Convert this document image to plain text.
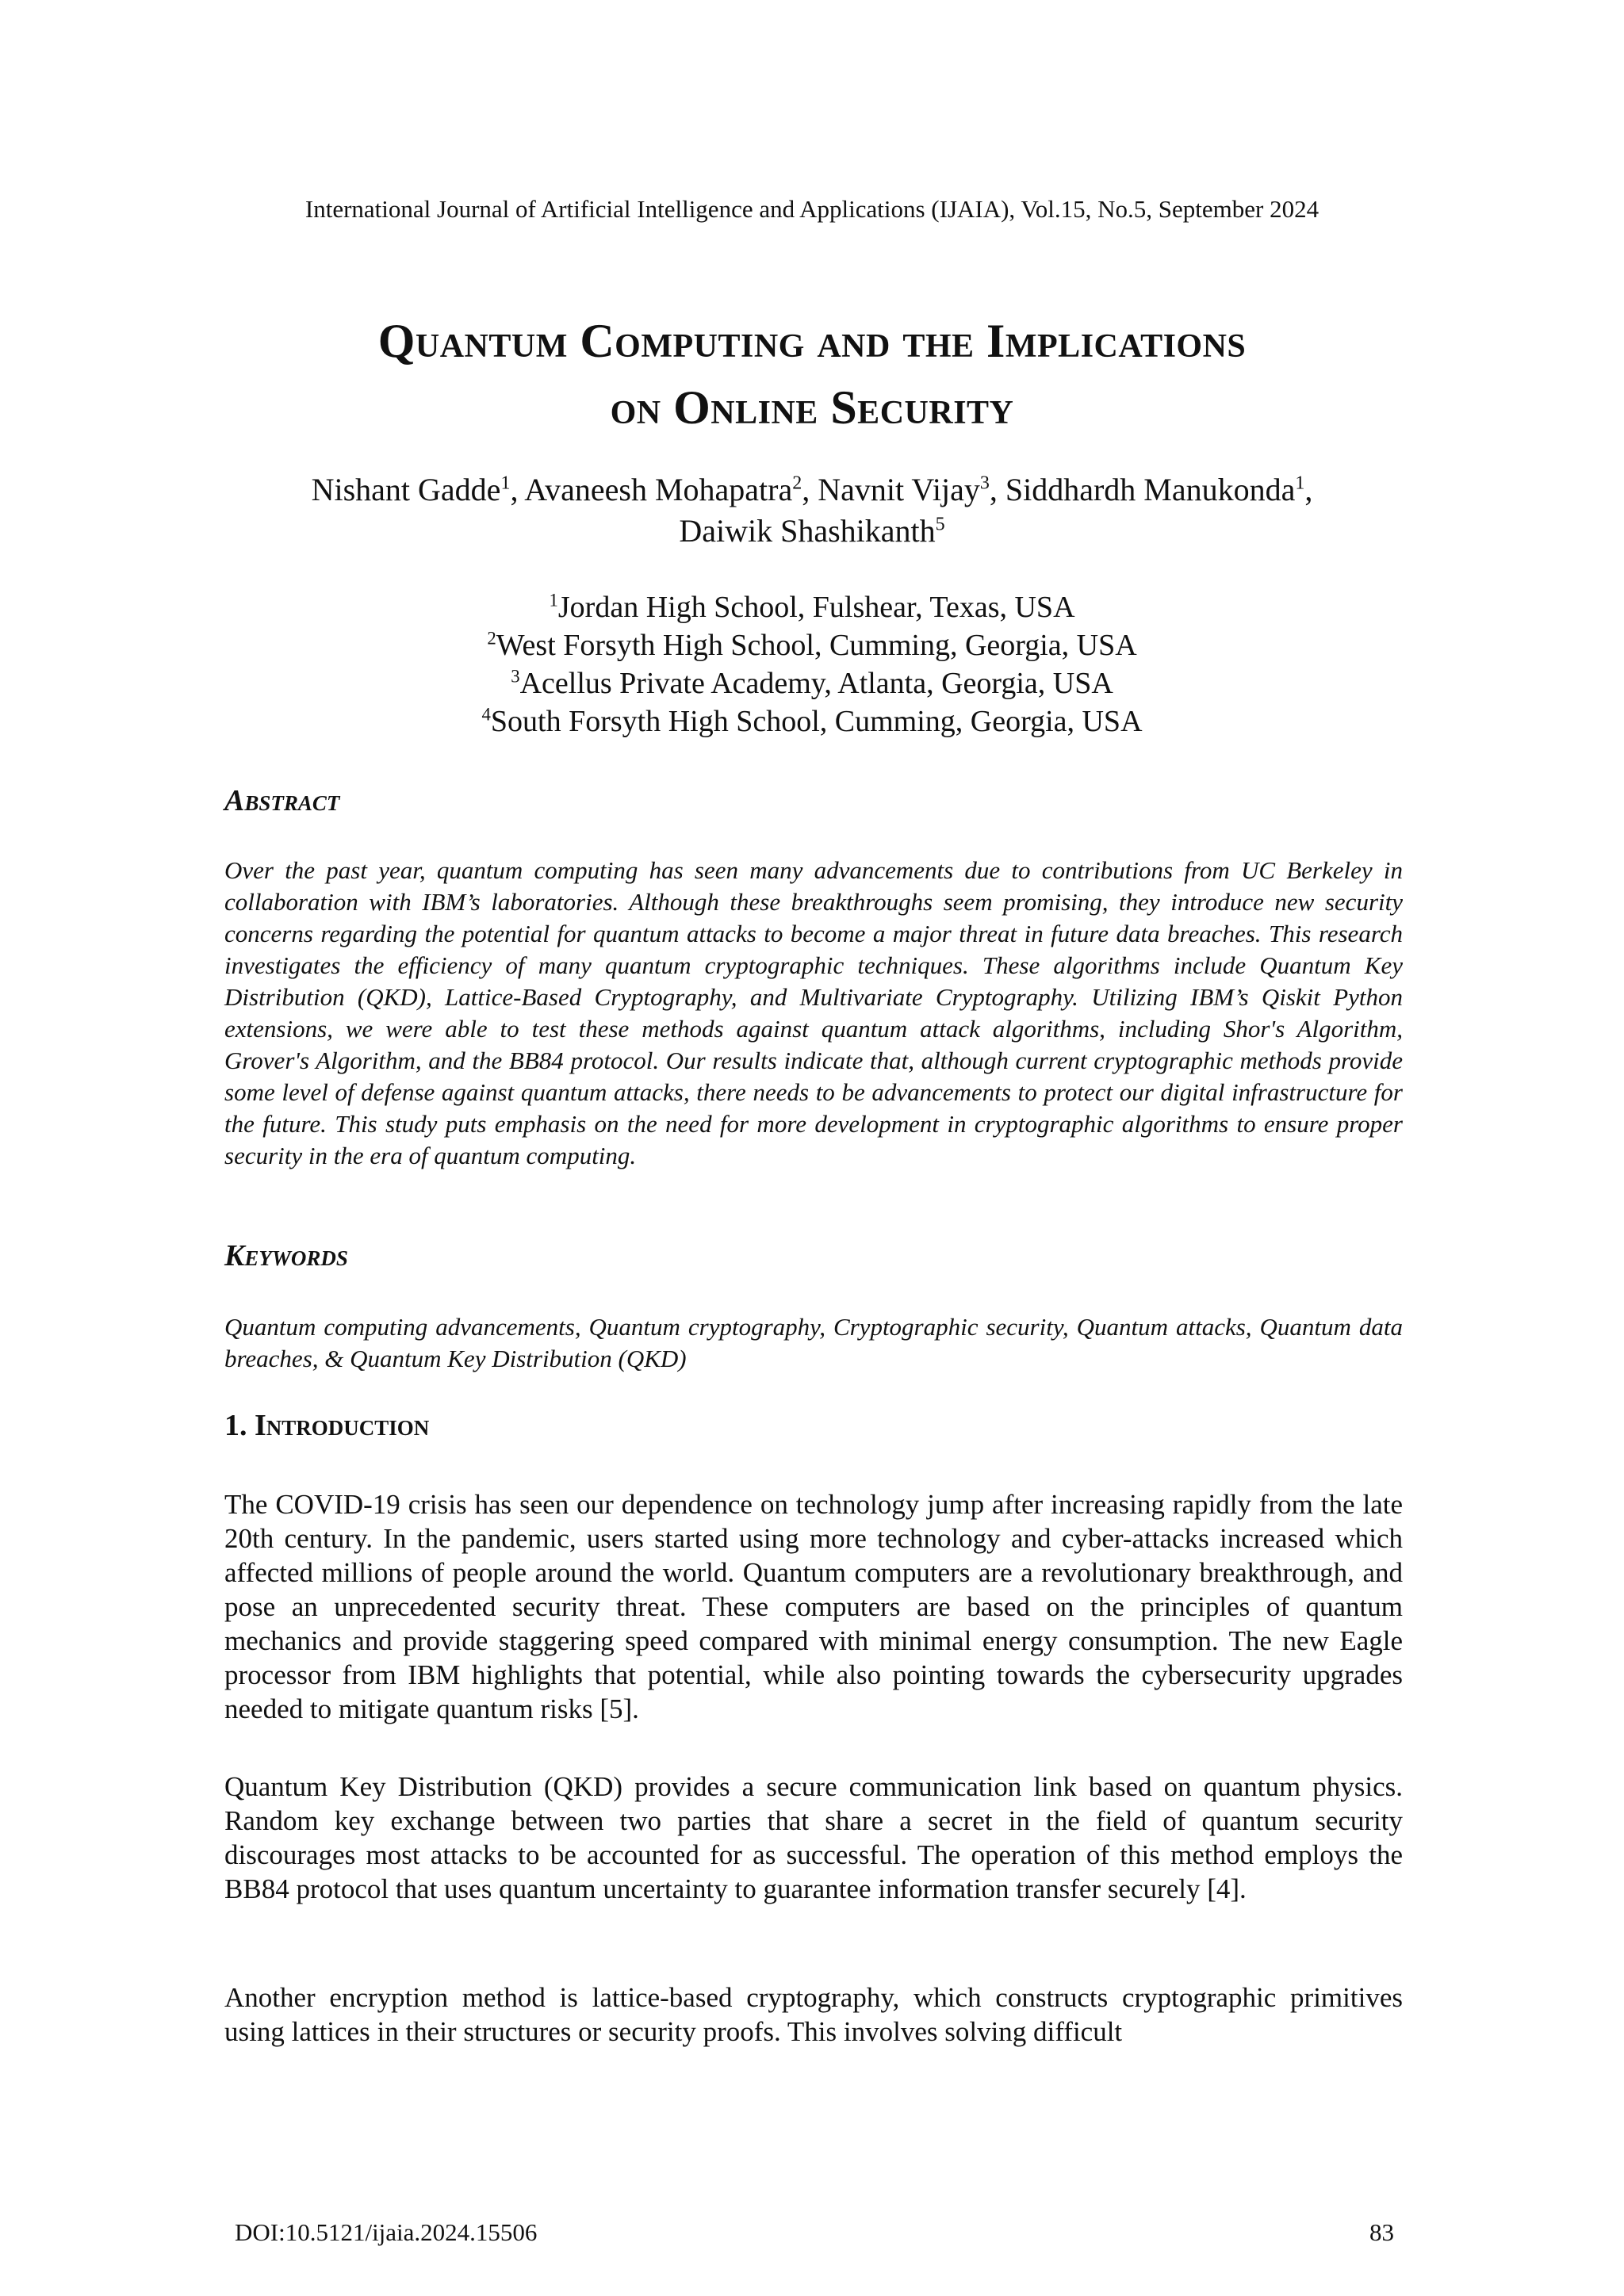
International Journal of Artificial Intelligence and Applications (IJAIA), Vol.15, No.5, September 2024
Quantum Computing and the Implications
on Online Security
Nishant Gadde$^1$, Avaneesh Mohapatra$^2$, Navnit Vijay$^3$, Siddhardh Manukonda$^1$,
Daiwik Shashikanth$^5$
$^1$Jordan High School, Fulshear, Texas, USA
$^2$West Forsyth High School, Cumming, Georgia, USA
$^3$Acellus Private Academy, Atlanta, Georgia, USA
$^4$South Forsyth High School, Cumming, Georgia, USA
Abstract

Over the past year, quantum computing has seen many advancements due to contributions from UC Berkeley in collaboration with IBM’s laboratories. Although these breakthroughs seem promising, they introduce new security concerns regarding the potential for quantum attacks to become a major threat in future data breaches. This research investigates the efficiency of many quantum cryptographic techniques. These algorithms include Quantum Key Distribution (QKD), Lattice-Based Cryptography, and Multivariate Cryptography. Utilizing IBM’s Qiskit Python extensions, we were able to test these methods against quantum attack algorithms, including Shor's Algorithm, Grover's Algorithm, and the BB84 protocol. Our results indicate that, although current cryptographic methods provide some level of defense against quantum attacks, there needs to be advancements to protect our digital infrastructure for the future. This study puts emphasis on the need for more development in cryptographic algorithms to ensure proper security in the era of quantum computing.

Keywords

Quantum computing advancements, Quantum cryptography, Cryptographic security, Quantum attacks, Quantum data breaches, & Quantum Key Distribution (QKD)

1. Introduction

The COVID-19 crisis has seen our dependence on technology jump after increasing rapidly from the late 20th century. In the pandemic, users started using more technology and cyber-attacks increased which affected millions of people around the world. Quantum computers are a revolutionary breakthrough, and pose an unprecedented security threat. These computers are based on the principles of quantum mechanics and provide staggering speed compared with minimal energy consumption. The new Eagle processor from IBM highlights that potential, while also pointing towards the cybersecurity upgrades needed to mitigate quantum risks [5].

Quantum Key Distribution (QKD) provides a secure communication link based on quantum physics. Random key exchange between two parties that share a secret in the field of quantum security discourages most attacks to be accounted for as successful. The operation of this method employs the BB84 protocol that uses quantum uncertainty to guarantee information transfer securely [4].

Another encryption method is lattice-based cryptography, which constructs cryptographic primitives using lattices in their structures or security proofs. This involves solving difficult

DOI:10.5121/ijaia.2024.15506	83
